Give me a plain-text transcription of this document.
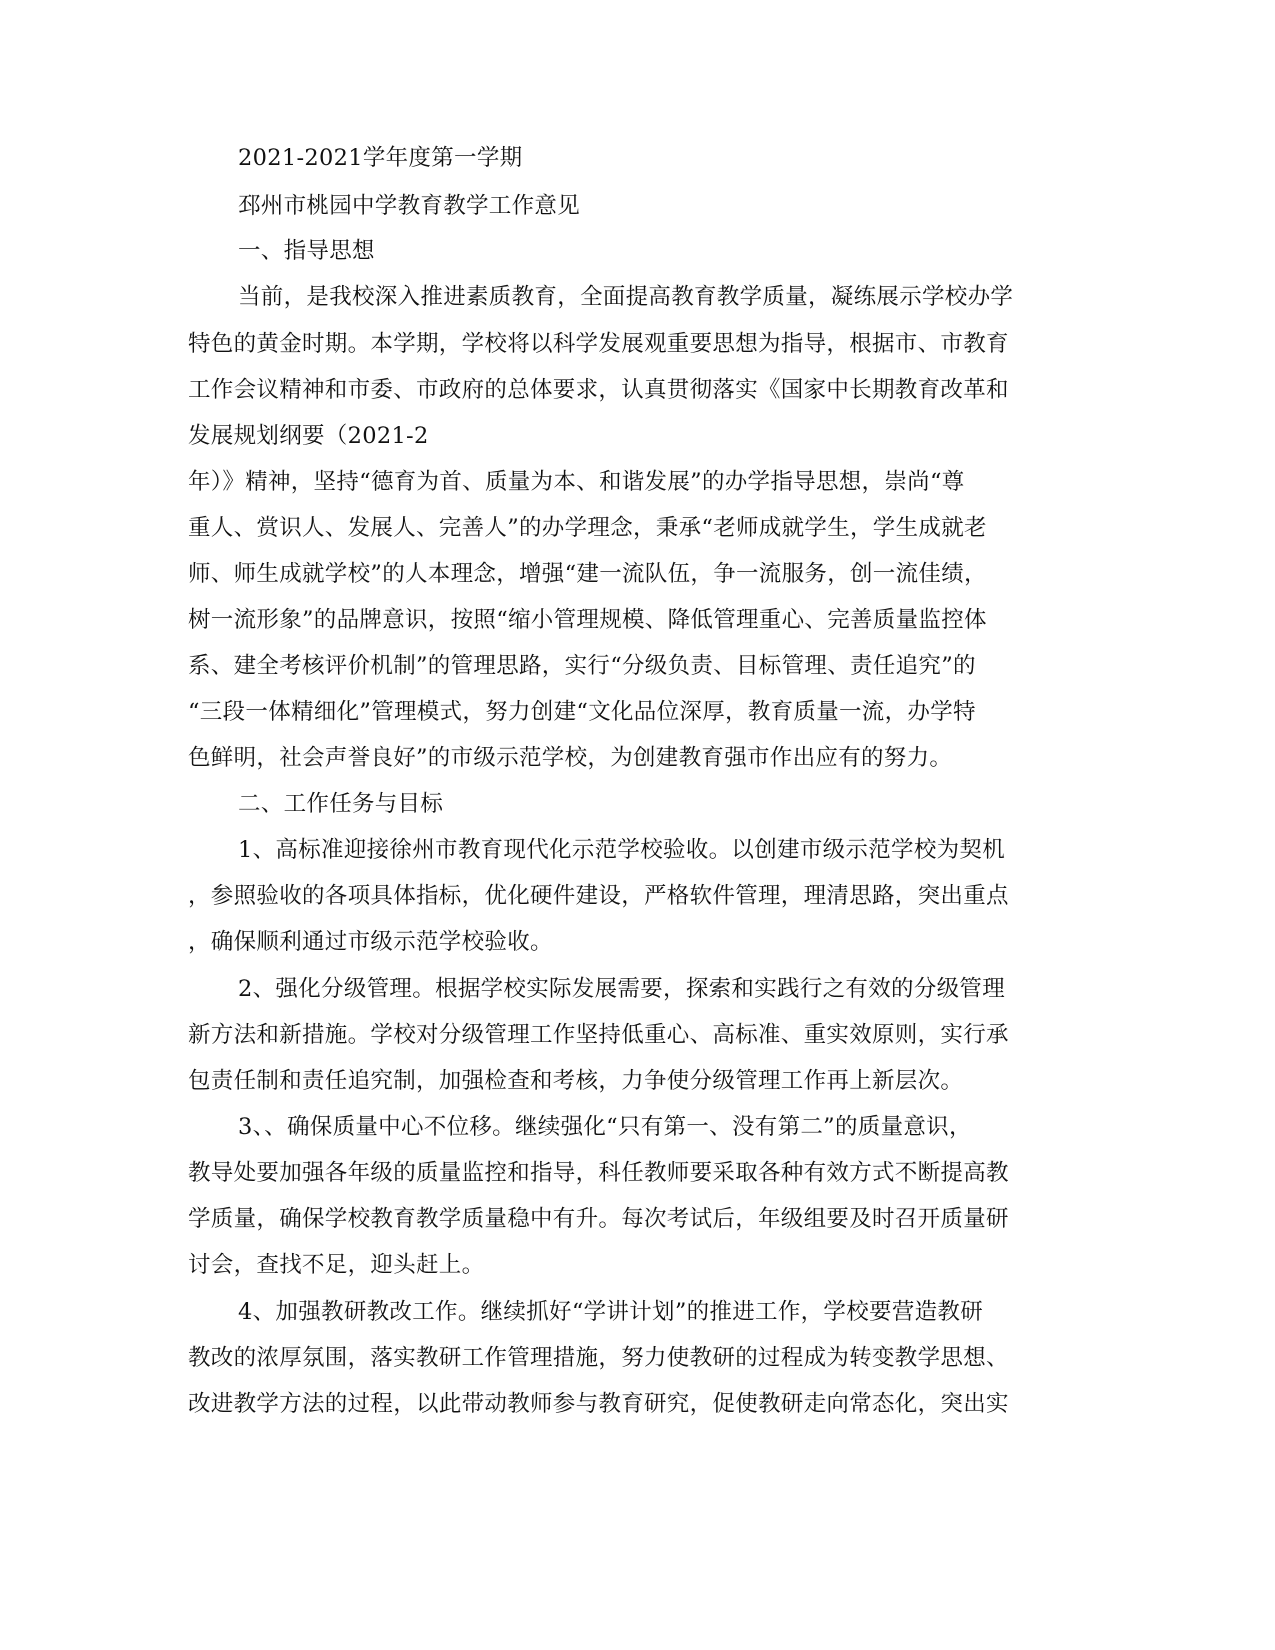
2021-2021学年度第一学期
邳州市桃园中学教育教学工作意见
一、指导思想
当前，是我校深入推进素质教育，全面提高教育教学质量，凝练展示学校办学
特色的黄金时期。本学期，学校将以科学发展观重要思想为指导，根据市、市教育
工作会议精神和市委、市政府的总体要求，认真贯彻落实《国家中长期教育改革和
发展规划纲要（2021-2
年）》精神，坚持“德育为首、质量为本、和谐发展”的办学指导思想，崇尚“尊
重人、赏识人、发展人、完善人”的办学理念，秉承“老师成就学生，学生成就老
师、师生成就学校”的人本理念，增强“建一流队伍，争一流服务，创一流佳绩，
树一流形象”的品牌意识，按照“缩小管理规模、降低管理重心、完善质量监控体
系、建全考核评价机制”的管理思路，实行“分级负责、目标管理、责任追究”的
“三段一体精细化”管理模式，努力创建“文化品位深厚，教育质量一流，办学特
色鲜明，社会声誉良好”的市级示范学校，为创建教育强市作出应有的努力。
二、工作任务与目标
1、高标准迎接徐州市教育现代化示范学校验收。以创建市级示范学校为契机
，参照验收的各项具体指标，优化硬件建设，严格软件管理，理清思路，突出重点
，确保顺利通过市级示范学校验收。
2、强化分级管理。根据学校实际发展需要，探索和实践行之有效的分级管理
新方法和新措施。学校对分级管理工作坚持低重心、高标准、重实效原则，实行承
包责任制和责任追究制，加强检查和考核，力争使分级管理工作再上新层次。
3、、确保质量中心不位移。继续强化“只有第一、没有第二”的质量意识，
教导处要加强各年级的质量监控和指导，科任教师要采取各种有效方式不断提高教
学质量，确保学校教育教学质量稳中有升。每次考试后，年级组要及时召开质量研
讨会，查找不足，迎头赶上。
4、加强教研教改工作。继续抓好“学讲计划”的推进工作，学校要营造教研
教改的浓厚氛围，落实教研工作管理措施，努力使教研的过程成为转变教学思想、
改进教学方法的过程，以此带动教师参与教育研究，促使教研走向常态化，突出实
